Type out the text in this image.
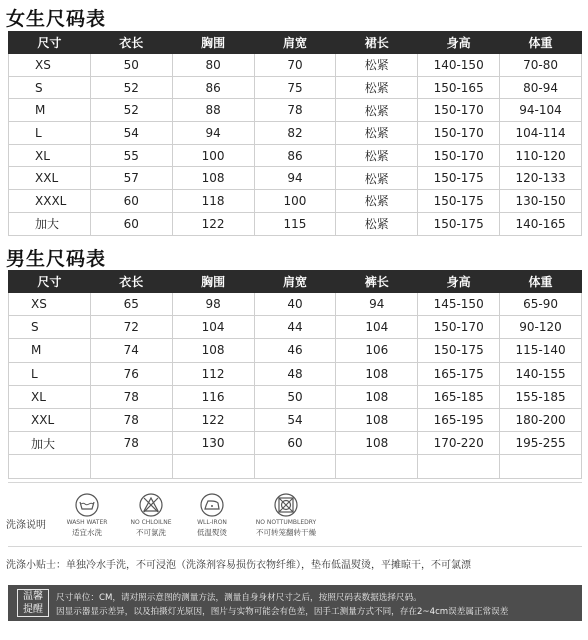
女生尺码表
尺寸	衣长	胸围	肩宽	裙长	身高	体重
XS	50	80	70	松紧	140-150	70-80
S	52	86	75	松紧	150-165	80-94
M	52	88	78	松紧	150-170	94-104
L	54	94	82	松紧	150-170	104-114
XL	55	100	86	松紧	150-170	110-120
XXL	57	108	94	松紧	150-175	120-133
XXXL	60	118	100	松紧	150-175	130-150
加大	60	122	115	松紧	150-175	140-165
男生尺码表
尺寸	衣长	胸围	肩宽	裤长	身高	体重
XS	65	98	40	94	145-150	65-90
S	72	104	44	104	150-170	90-120
M	74	108	46	106	150-175	115-140
L	76	112	48	108	165-175	140-155
XL	78	116	50	108	165-185	155-185
XXL	78	122	54	108	165-195	180-200
加大	78	130	60	108	170-220	195-255

洗涤说明	WASH WATER
适宜水洗
NO CHLOILNE
不可氯洗
WLL-IRON
低温熨烫
NO NOTTUMBLEDRY
不可转笼翻转干燥
洗涤小贴士：单独冷水手洗，不可浸泡（洗涤剂容易损伤衣物纤维），垫布低温熨烫，平摊晾干，不可氯漂
温馨
提醒
尺寸单位：CM，请对照示意图的测量方法，测量自身身材尺寸之后，按照尺码表数据选择尺码。
因显示器显示差异，以及拍摄灯光原因，图片与实物可能会有色差，因手工测量方式不同，存在2~4cm误差属正常误差
